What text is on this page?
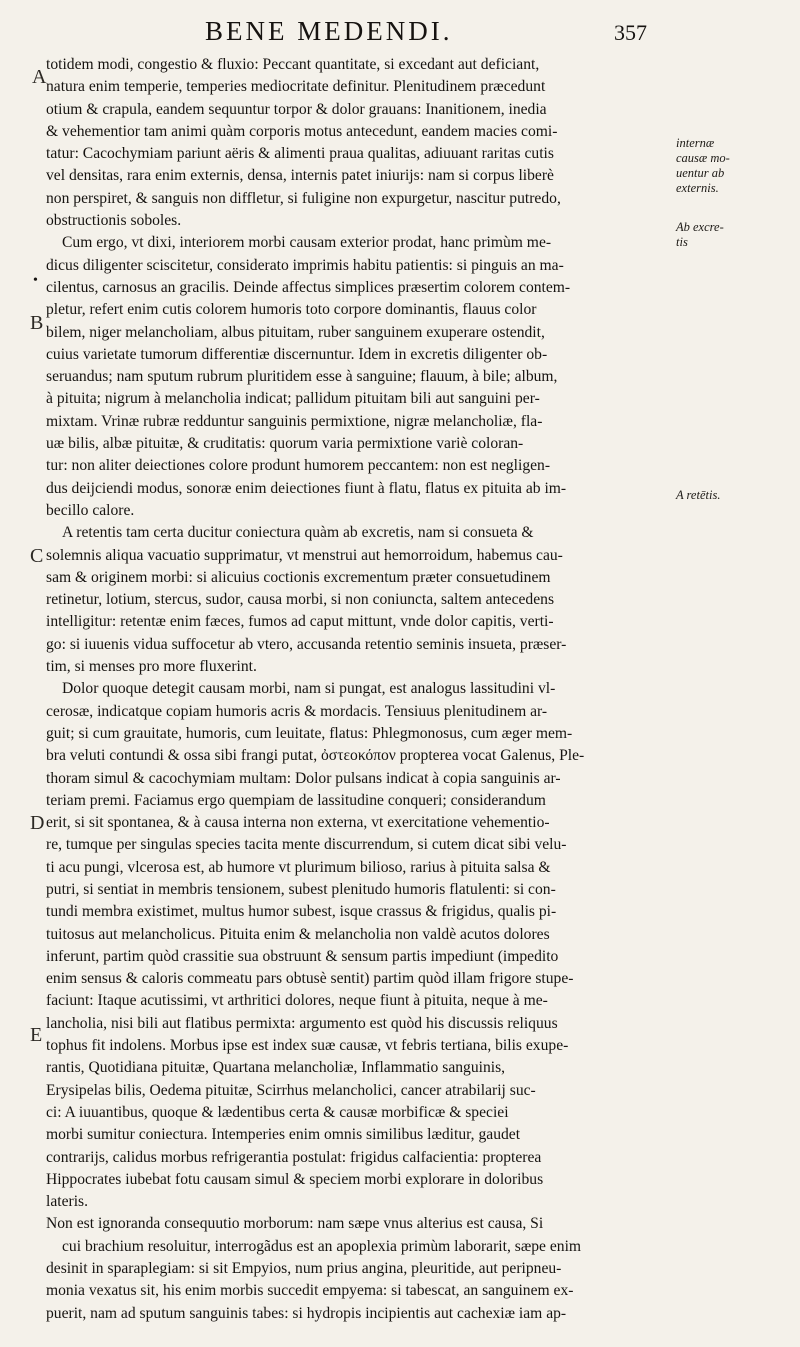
BENE MEDENDI.	357
totidem modi, congestio & fluxio: Peccant quantitate, si excedant aut deficiant,
natura enim temperie, temperies mediocritate definitur. Plenitudinem præcedunt
otium & crapula, eandem sequuntur torpor & dolor grauans: Inanitionem, inedia
& vehementior tam animi quàm corporis motus antecedunt, eandem macies comi-
tatur: Cacochymiam pariunt aëris & alimenti praua qualitas, adiuuant raritas cutis
vel densitas, rara enim externis, densa, internis patet iniurijs: nam si corpus liberè
non perspiret, & sanguis non diffletur, si fuligine non expurgetur, nascitur putredo,
obstructionis soboles.
Cum ergo, vt dixi, interiorem morbi causam exterior prodat, hanc primùm me-
dicus diligenter sciscitetur, considerato imprimis habitu patientis: si pinguis an ma-
cilentus, carnosus an gracilis. Deinde affectus simplices præsertim colorem contem-
pletur, refert enim cutis colorem humoris toto corpore dominantis, flauus color
bilem, niger melancholiam, albus pituitam, ruber sanguinem exuperare ostendit,
cuius varietate tumorum differentiæ discernuntur. Idem in excretis diligenter ob-
seruandus; nam sputum rubrum pluritidem esse à sanguine; flauum, à bile; album,
à pituita; nigrum à melancholia indicat; pallidum pituitam bili aut sanguini per-
mixtam. Vrinæ rubræ redduntur sanguinis permixtione, nigræ melancholiæ, fla-
uæ bilis, albæ pituitæ, & cruditatis: quorum varia permixtione variè coloran-
tur: non aliter deiectiones colore produnt humorem peccantem: non est negligen-
dus deijciendi modus, sonoræ enim deiectiones fiunt à flatu, flatus ex pituita ab im-
becillo calore.
A retentis tam certa ducitur coniectura quàm ab excretis, nam si consueta &
solemnis aliqua vacuatio supprimatur, vt menstrui aut hemorroidum, habemus cau-
sam & originem morbi: si alicuius coctionis excrementum præter consuetudinem
retinetur, lotium, stercus, sudor, causa morbi, si non coniuncta, saltem antecedens
intelligitur: retentæ enim fæces, fumos ad caput mittunt, vnde dolor capitis, verti-
go: si iuuenis vidua suffocetur ab vtero, accusanda retentio seminis insueta, præser-
tim, si menses pro more fluxerint.
Dolor quoque detegit causam morbi, nam si pungat, est analogus lassitudini vl-
cerosæ, indicatque copiam humoris acris & mordacis. Tensiuus plenitudinem ar-
guit; si cum grauitate, humoris, cum leuitate, flatus: Phlegmonosus, cum æger mem-
bra veluti contundi & ossa sibi frangi putat, ὀστεοκόπον propterea vocat Galenus, Ple-
thoram simul & cacochymiam multam: Dolor pulsans indicat à copia sanguinis ar-
teriam premi. Faciamus ergo quempiam de lassitudine conqueri; considerandum
erit, si sit spontanea, & à causa interna non externa, vt exercitatione vehementio-
re, tumque per singulas species tacita mente discurrendum, si cutem dicat sibi velu-
ti acu pungi, vlcerosa est, ab humore vt plurimum bilioso, rarius à pituita salsa &
putri, si sentiat in membris tensionem, subest plenitudo humoris flatulenti: si con-
tundi membra existimet, multus humor subest, isque crassus & frigidus, qualis pi-
tuitosus aut melancholicus. Pituita enim & melancholia non valdè acutos dolores
inferunt, partim quòd crassitie sua obstruunt & sensum partis impediunt (impedito
enim sensus & caloris commeatu pars obtusè sentit) partim quòd illam frigore stupe-
faciunt: Itaque acutissimi, vt arthritici dolores, neque fiunt à pituita, neque à me-
lancholia, nisi bili aut flatibus permixta: argumento est quòd his discussis reliquus
tophus fit indolens. Morbus ipse est index suæ causæ, vt febris tertiana, bilis exupe-
rantis, Quotidiana pituitæ, Quartana melancholiæ, Inflammatio sanguinis,
Erysipelas bilis, Oedema pituitæ, Scirrhus melancholici, cancer atrabilarij suc-
ci: A iuuantibus, quoque & lædentibus certa & causæ morbificæ & speciei
morbi sumitur coniectura. Intemperies enim omnis similibus læditur, gaudet
contrarijs, calidus morbus refrigerantia postulat: frigidus calfacientia: propterea
Hippocrates iubebat fotu causam simul & speciem morbi explorare in doloribus
lateris.
Non est ignoranda consequutio morborum: nam sæpe vnus alterius est causa, Si
cui brachium resoluitur, interrogãdus est an apoplexia primùm laborarit, sæpe enim
desinit in sparaplegiam: si sit Empyios, num prius angina, pleuritide, aut peripneu-
monia vexatus sit, his enim morbis succedit empyema: si tabescat, an sanguinem ex-
puerit, nam ad sputum sanguinis tabes: si hydropis incipientis aut cachexiæ iam ap-
A
B
C
D
E
•
internæ
causæ mo-
uentur ab
externis.
Ab excre-
tis
A retētis.
